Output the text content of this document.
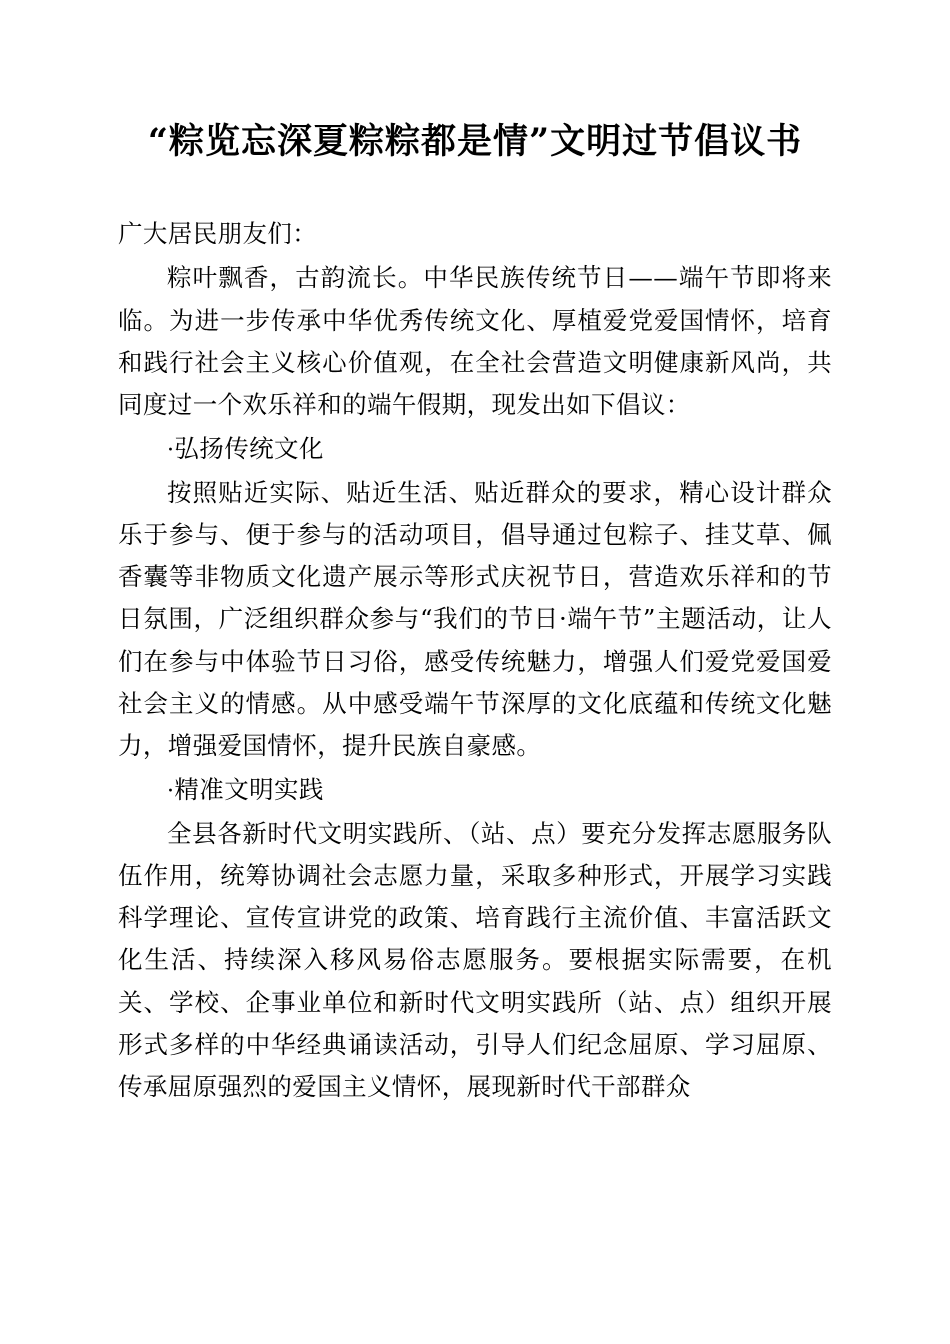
“粽览忘深夏粽粽都是情”文明过节倡议书

广大居民朋友们：

粽叶飘香，古韵流长。中华民族传统节日——端午节即将来临。为进一步传承中华优秀传统文化、厚植爱党爱国情怀，培育和践行社会主义核心价值观，在全社会营造文明健康新风尚，共同度过一个欢乐祥和的端午假期，现发出如下倡议：

·弘扬传统文化

按照贴近实际、贴近生活、贴近群众的要求，精心设计群众乐于参与、便于参与的活动项目，倡导通过包粽子、挂艾草、佩香囊等非物质文化遗产展示等形式庆祝节日，营造欢乐祥和的节日氛围，广泛组织群众参与“我们的节日·端午节”主题活动，让人们在参与中体验节日习俗，感受传统魅力，增强人们爱党爱国爱社会主义的情感。从中感受端午节深厚的文化底蕴和传统文化魅力，增强爱国情怀，提升民族自豪感。

·精准文明实践

全县各新时代文明实践所、（站、点）要充分发挥志愿服务队伍作用，统筹协调社会志愿力量，采取多种形式，开展学习实践科学理论、宣传宣讲党的政策、培育践行主流价值、丰富活跃文化生活、持续深入移风易俗志愿服务。要根据实际需要，在机关、学校、企事业单位和新时代文明实践所（站、点）组织开展形式多样的中华经典诵读活动，引导人们纪念屈原、学习屈原、传承屈原强烈的爱国主义情怀，展现新时代干部群众
